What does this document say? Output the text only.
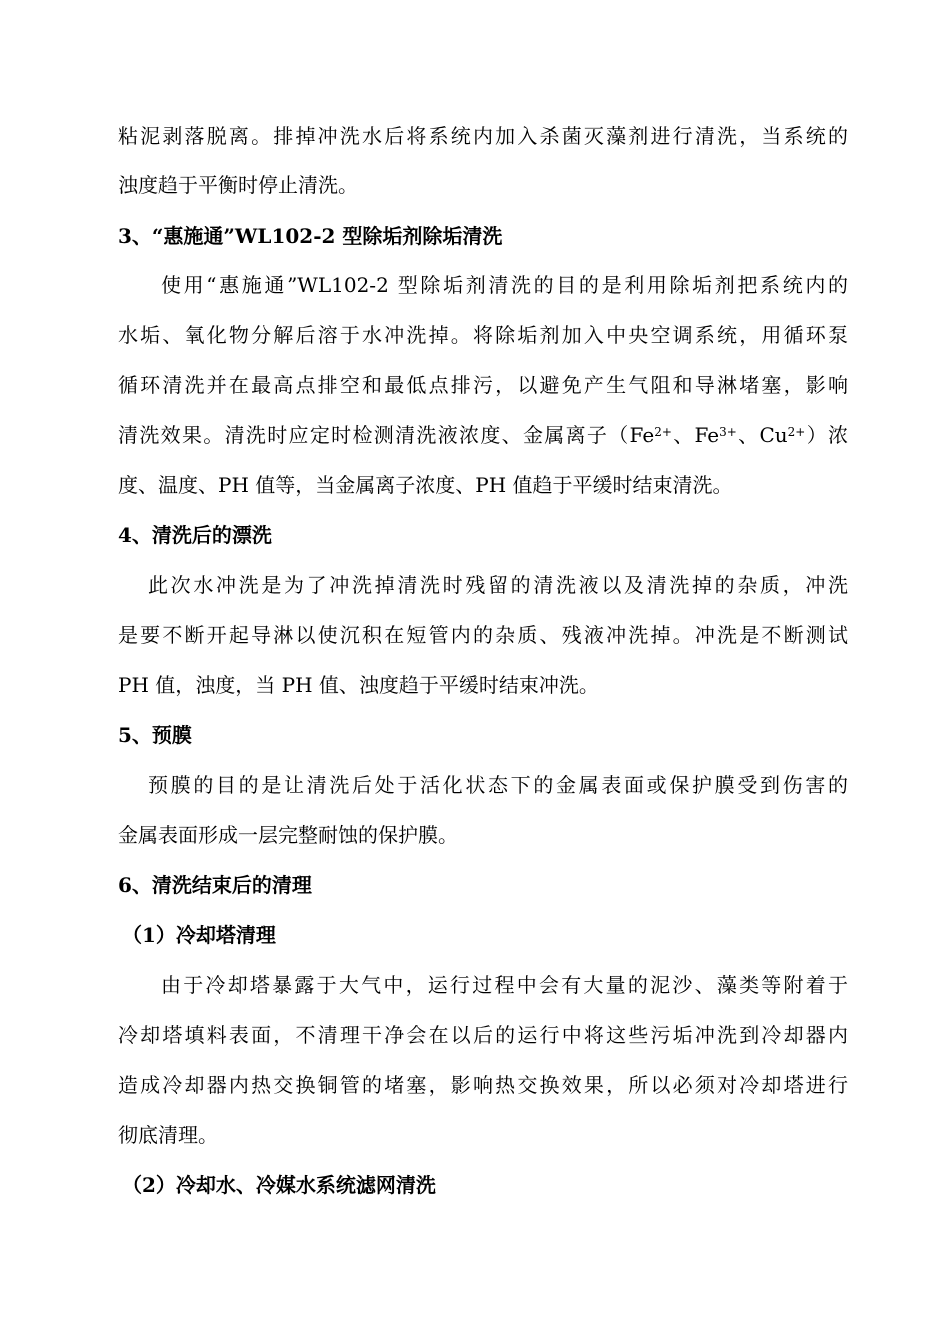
粘泥剥落脱离。排掉冲洗水后将系统内加入杀菌灭藻剂进行清洗，当系统的
浊度趋于平衡时停止清洗。
3、“惠施通”WL102-2 型除垢剂除垢清洗
使用“惠施通”WL102-2 型除垢剂清洗的目的是利用除垢剂把系统内的
水垢、氧化物分解后溶于水冲洗掉。将除垢剂加入中央空调系统，用循环泵
循环清洗并在最高点排空和最低点排污，以避免产生气阻和导淋堵塞，影响
清洗效果。清洗时应定时检测清洗液浓度、金属离子（$Fe^{2+}$、$Fe^{3+}$、$Cu^{2+}$）浓
度、温度、PH 值等，当金属离子浓度、PH 值趋于平缓时结束清洗。
4、清洗后的漂洗
此次水冲洗是为了冲洗掉清洗时残留的清洗液以及清洗掉的杂质，冲洗
是要不断开起导淋以使沉积在短管内的杂质、残液冲洗掉。冲洗是不断测试
PH 值，浊度，当 PH 值、浊度趋于平缓时结束冲洗。
5、预膜
预膜的目的是让清洗后处于活化状态下的金属表面或保护膜受到伤害的
金属表面形成一层完整耐蚀的保护膜。
6、清洗结束后的清理
（1）冷却塔清理
由于冷却塔暴露于大气中，运行过程中会有大量的泥沙、藻类等附着于
冷却塔填料表面，不清理干净会在以后的运行中将这些污垢冲洗到冷却器内
造成冷却器内热交换铜管的堵塞，影响热交换效果，所以必须对冷却塔进行
彻底清理。
（2）冷却水、冷媒水系统滤网清洗
